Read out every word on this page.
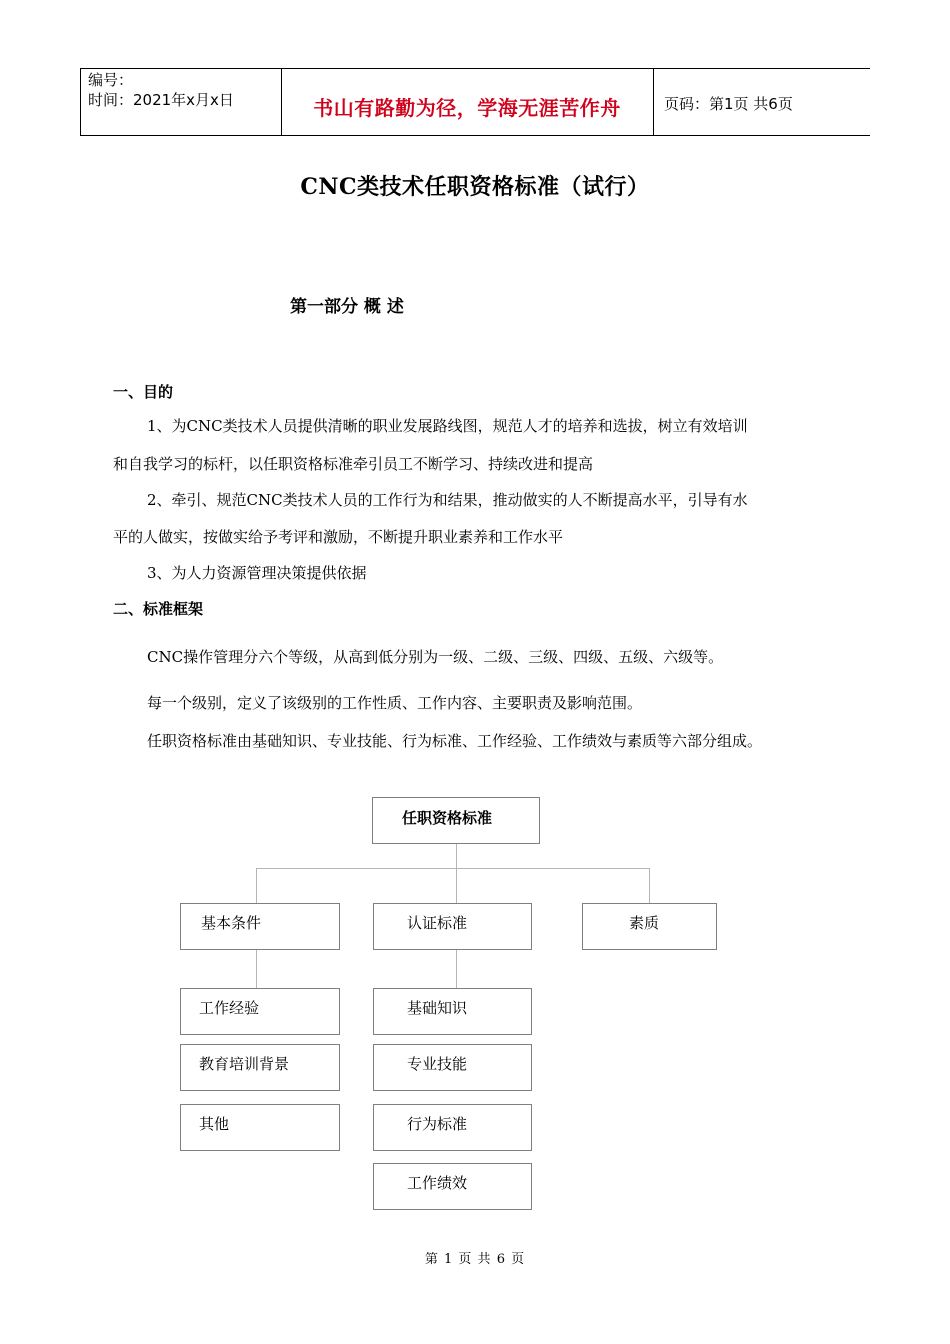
编号：
时间：2021年x月x日	书山有路勤为径，学海无涯苦作舟	页码：第1页 共6页
CNC类技术任职资格标准（试行）
第一部分 概 述
一、目的
1、为CNC类技术人员提供清晰的职业发展路线图，规范人才的培养和选拔，树立有效培训
和自我学习的标杆，以任职资格标准牵引员工不断学习、持续改进和提高
2、牵引、规范CNC类技术人员的工作行为和结果，推动做实的人不断提高水平，引导有水
平的人做实，按做实给予考评和激励，不断提升职业素养和工作水平
3、为人力资源管理决策提供依据
二、标准框架
CNC操作管理分六个等级，从高到低分别为一级、二级、三级、四级、五级、六级等。
每一个级别，定义了该级别的工作性质、工作内容、主要职责及影响范围。
任职资格标准由基础知识、专业技能、行为标准、工作经验、工作绩效与素质等六部分组成。
任职资格标准
基本条件	认证标准	素质
工作经验
教育培训背景
其他
基础知识
专业技能
行为标准
工作绩效
第 1 页 共 6 页
